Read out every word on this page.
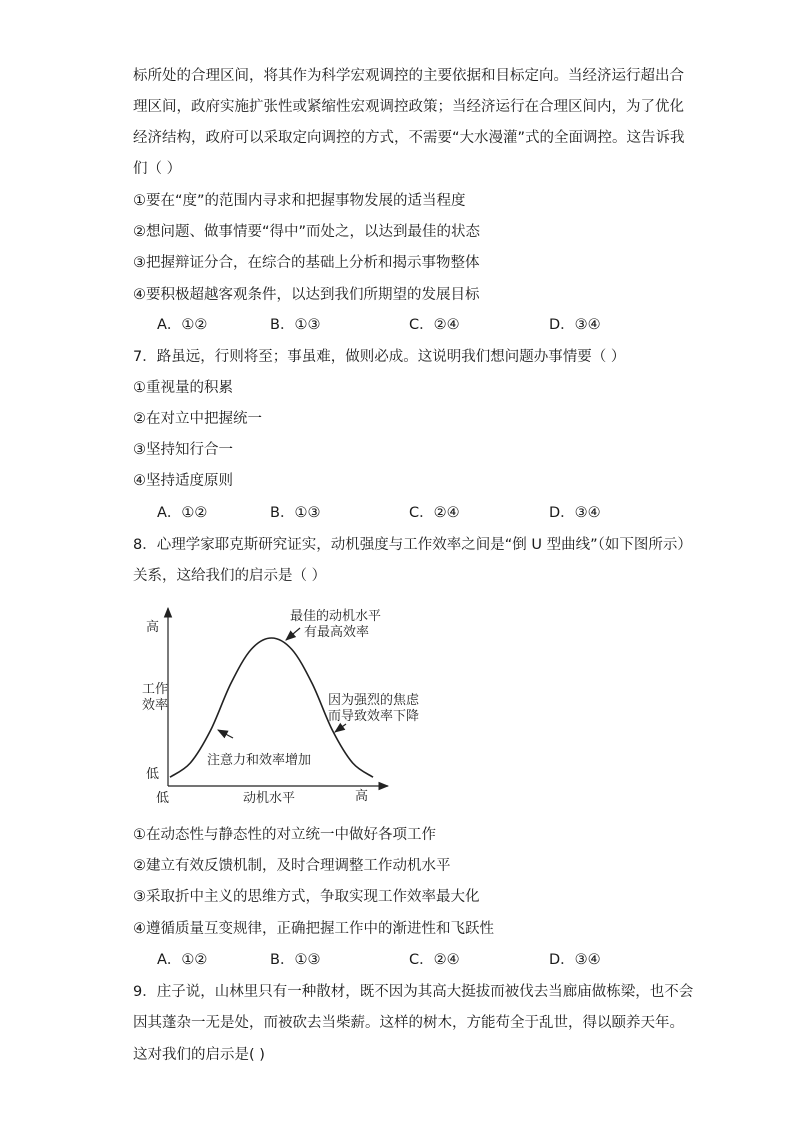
标所处的合理区间，将其作为科学宏观调控的主要依据和目标定向。当经济运行超出合
理区间，政府实施扩张性或紧缩性宏观调控政策；当经济运行在合理区间内，为了优化
经济结构，政府可以采取定向调控的方式，不需要“大水漫灌”式的全面调控。这告诉我
们（ ）
①要在“度”的范围内寻求和把握事物发展的适当程度
②想问题、做事情要“得中”而处之，以达到最佳的状态
③把握辩证分合，在综合的基础上分析和揭示事物整体
④要积极超越客观条件，以达到我们所期望的发展目标
A．①②	B．①③	C．②④	D．③④
7．路虽远，行则将至；事虽难，做则必成。这说明我们想问题办事情要（ ）
①重视量的积累
②在对立中把握统一
③坚持知行合一
④坚持适度原则
A．①②	B．①③	C．②④	D．③④
8．心理学家耶克斯研究证实，动机强度与工作效率之间是“倒 U 型曲线”（如下图所示）
关系，这给我们的启示是（ ）
高
工作
效率
低
低	动机水平	高
最佳的动机水平
有最高效率
因为强烈的焦虑
而导致效率下降
注意力和效率增加
①在动态性与静态性的对立统一中做好各项工作
②建立有效反馈机制，及时合理调整工作动机水平
③采取折中主义的思维方式，争取实现工作效率最大化
④遵循质量互变规律，正确把握工作中的渐进性和飞跃性
A．①②	B．①③	C．②④	D．③④
9．庄子说，山林里只有一种散材，既不因为其高大挺拔而被伐去当廊庙做栋梁，也不会
因其蓬杂一无是处，而被砍去当柴薪。这样的树木，方能苟全于乱世，得以颐养天年。
这对我们的启示是( )
